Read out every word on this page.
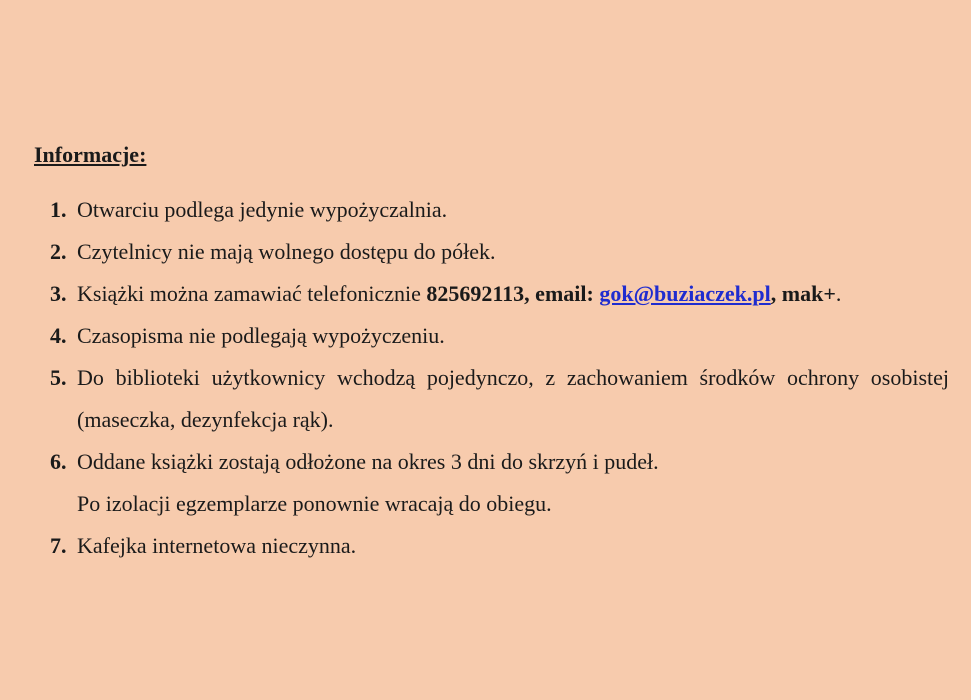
Informacje:
1. Otwarciu podlega jedynie wypożyczalnia.
2. Czytelnicy nie mają wolnego dostępu do półek.
3. Książki można zamawiać telefonicznie 825692113, email: gok@buziaczek.pl, mak+.
4. Czasopisma nie podlegają wypożyczeniu.
5. Do biblioteki użytkownicy wchodzą pojedynczo, z zachowaniem środków ochrony osobistej (maseczka, dezynfekcja rąk).
6. Oddane książki zostają odłożone na okres 3 dni do skrzyń i pudeł.
Po izolacji egzemplarze ponownie wracają do obiegu.
7. Kafejka internetowa nieczynna.
